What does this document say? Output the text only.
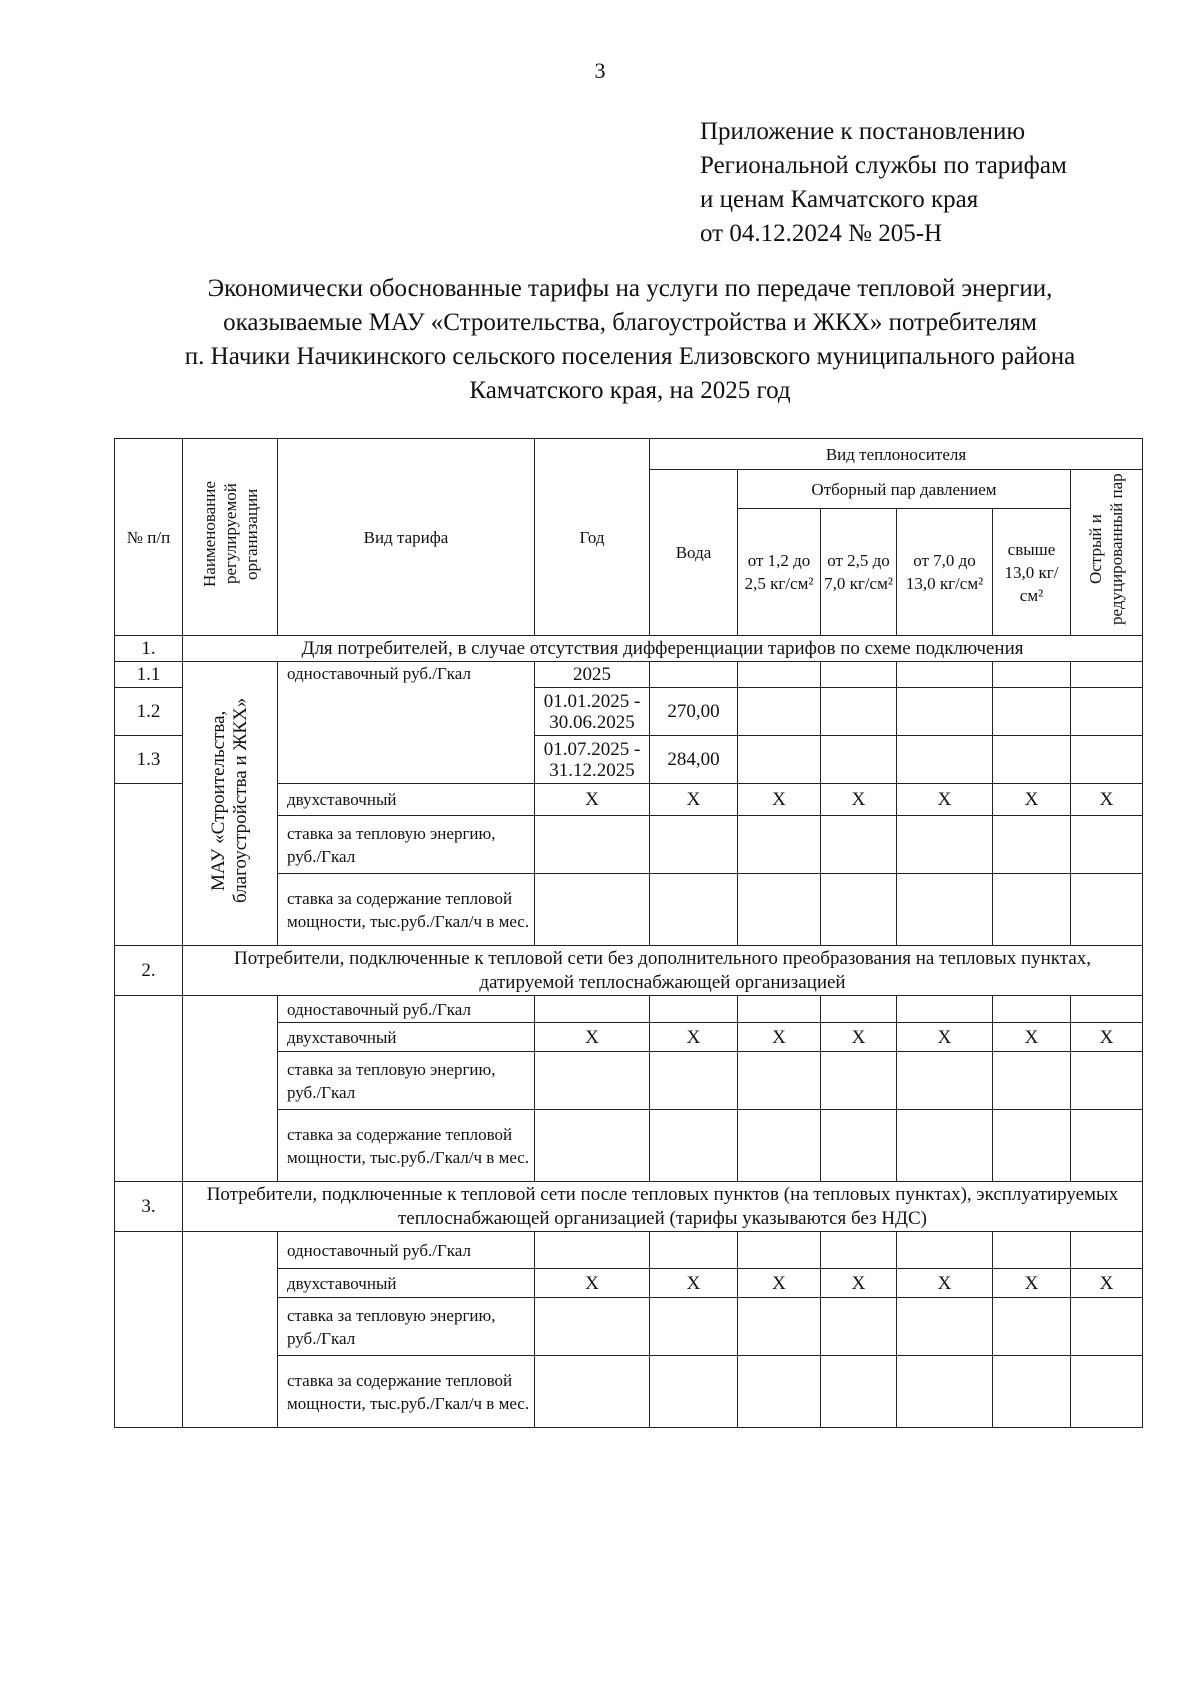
3
Приложение к постановлению
Региональной службы по тарифам
и ценам Камчатского края
от 04.12.2024 № 205-Н
Экономически обоснованные тарифы на услуги по передаче тепловой энергии,
оказываемые МАУ «Строительства, благоустройства и ЖКХ» потребителям
п. Начики Начикинского сельского поселения Елизовского муниципального района
Камчатского края, на 2025 год
№ п/п	Наименование регулируемой организации	Вид тарифа	Год	Вид теплоносителя					
				Вода	Отборный пар давлением				Острый и редуцированный пар
					от 1,2 до 2,5 кг/см²	от 2,5 до 7,0 кг/см²	от 7,0 до 13,0 кг/см²	свыше 13,0 кг/см²	
1.	Для потребителей, в случае отсутствия дифференциации тарифов по схеме подключения								
1.1	МАУ «Строительства, благоустройства и ЖКХ»	одноставочный руб./Гкал	2025						
1.2			01.01.2025 - 30.06.2025	270,00					
1.3			01.07.2025 - 31.12.2025	284,00					
		двухставочный	X	X	X	X	X	X	X
		ставка за тепловую энергию, руб./Гкал							
		ставка за содержание тепловой мощности, тыс.руб./Гкал/ч в мес.							
2.	Потребители, подключенные к тепловой сети без дополнительного преобразования на тепловых пунктах, датируемой теплоснабжающей организацией								
		одноставочный руб./Гкал							
		двухставочный	X	X	X	X	X	X	X
		ставка за тепловую энергию, руб./Гкал							
		ставка за содержание тепловой мощности, тыс.руб./Гкал/ч в мес.							
3.	Потребители, подключенные к тепловой сети после тепловых пунктов (на тепловых пунктах), эксплуатируемых теплоснабжающей организацией (тарифы указываются без НДС)								
		одноставочный руб./Гкал							
		двухставочный	X	X	X	X	X	X	X
		ставка за тепловую энергию, руб./Гкал							
		ставка за содержание тепловой мощности, тыс.руб./Гкал/ч в мес.							
